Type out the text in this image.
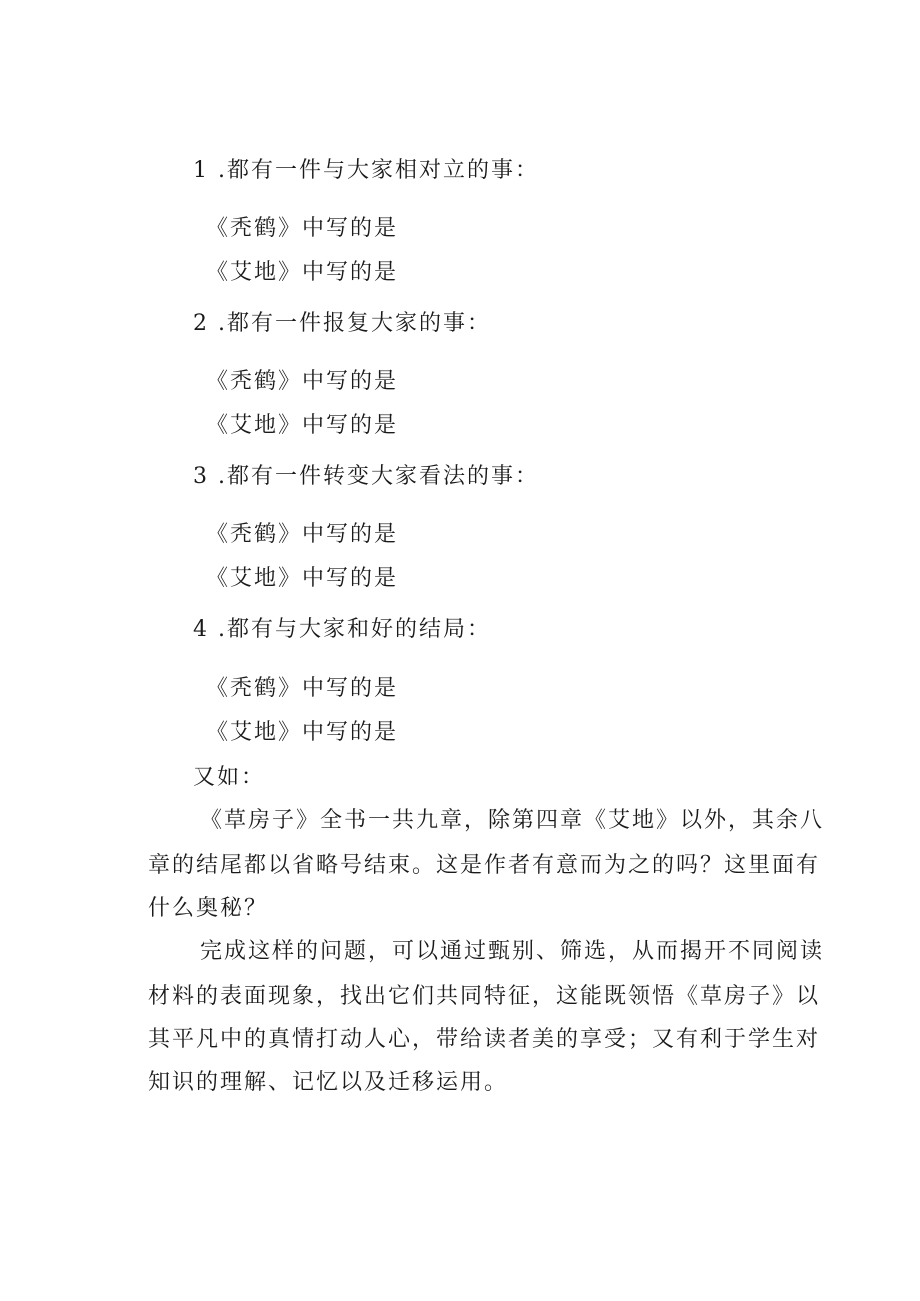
1 .都有一件与大家相对立的事：
《秃鹤》中写的是
《艾地》中写的是
2 .都有一件报复大家的事：
《秃鹤》中写的是
《艾地》中写的是
3 .都有一件转变大家看法的事：
《秃鹤》中写的是
《艾地》中写的是
4 .都有与大家和好的结局：
《秃鹤》中写的是
《艾地》中写的是
又如：
《草房子》全书一共九章，除第四章《艾地》以外，其余八
章的结尾都以省略号结束。这是作者有意而为之的吗？这里面有
什么奥秘？
完成这样的问题，可以通过甄别、筛选，从而揭开不同阅读
材料的表面现象，找出它们共同特征，这能既领悟《草房子》以
其平凡中的真情打动人心，带给读者美的享受；又有利于学生对
知识的理解、记忆以及迁移运用。
